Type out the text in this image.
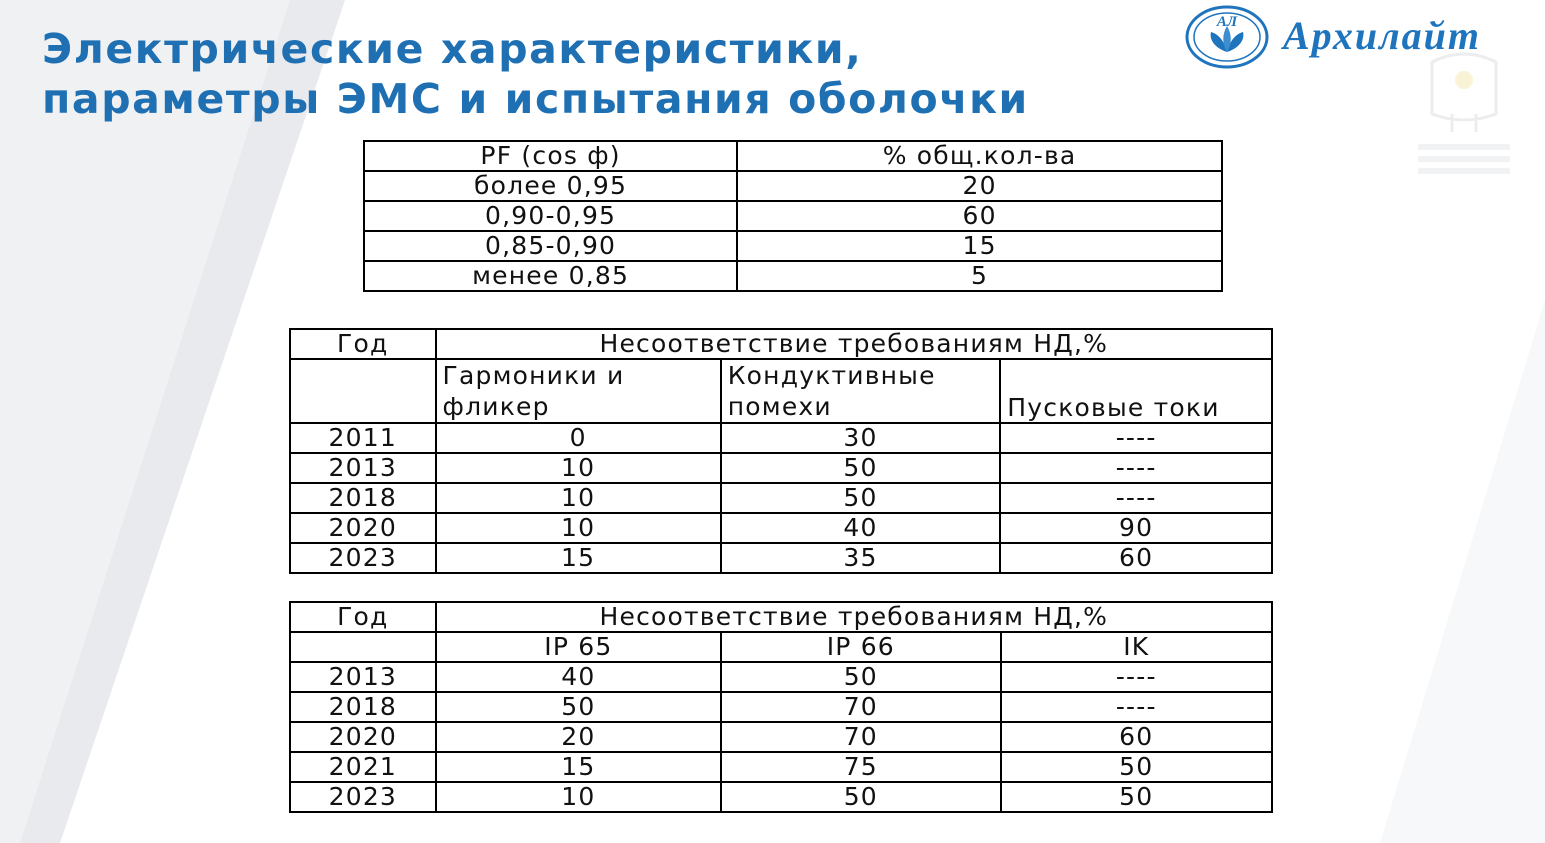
Электрические характеристики,
параметры ЭМС и испытания оболочки
АЛ Архилайт
PF (cos ф)	% общ.кол-ва
более 0,95	20
0,90-0,95	60
0,85-0,90	15
менее 0,85	5
Год	Несоответствие требованиям НД,%		
	Гармоники и фликер	Кондуктивные помехи	Пусковые токи
2011	0	30	----
2013	10	50	----
2018	10	50	----
2020	10	40	90
2023	15	35	60
Год	Несоответствие требованиям НД,%		
	IP 65	IP 66	IK
2013	40	50	----
2018	50	70	----
2020	20	70	60
2021	15	75	50
2023	10	50	50
